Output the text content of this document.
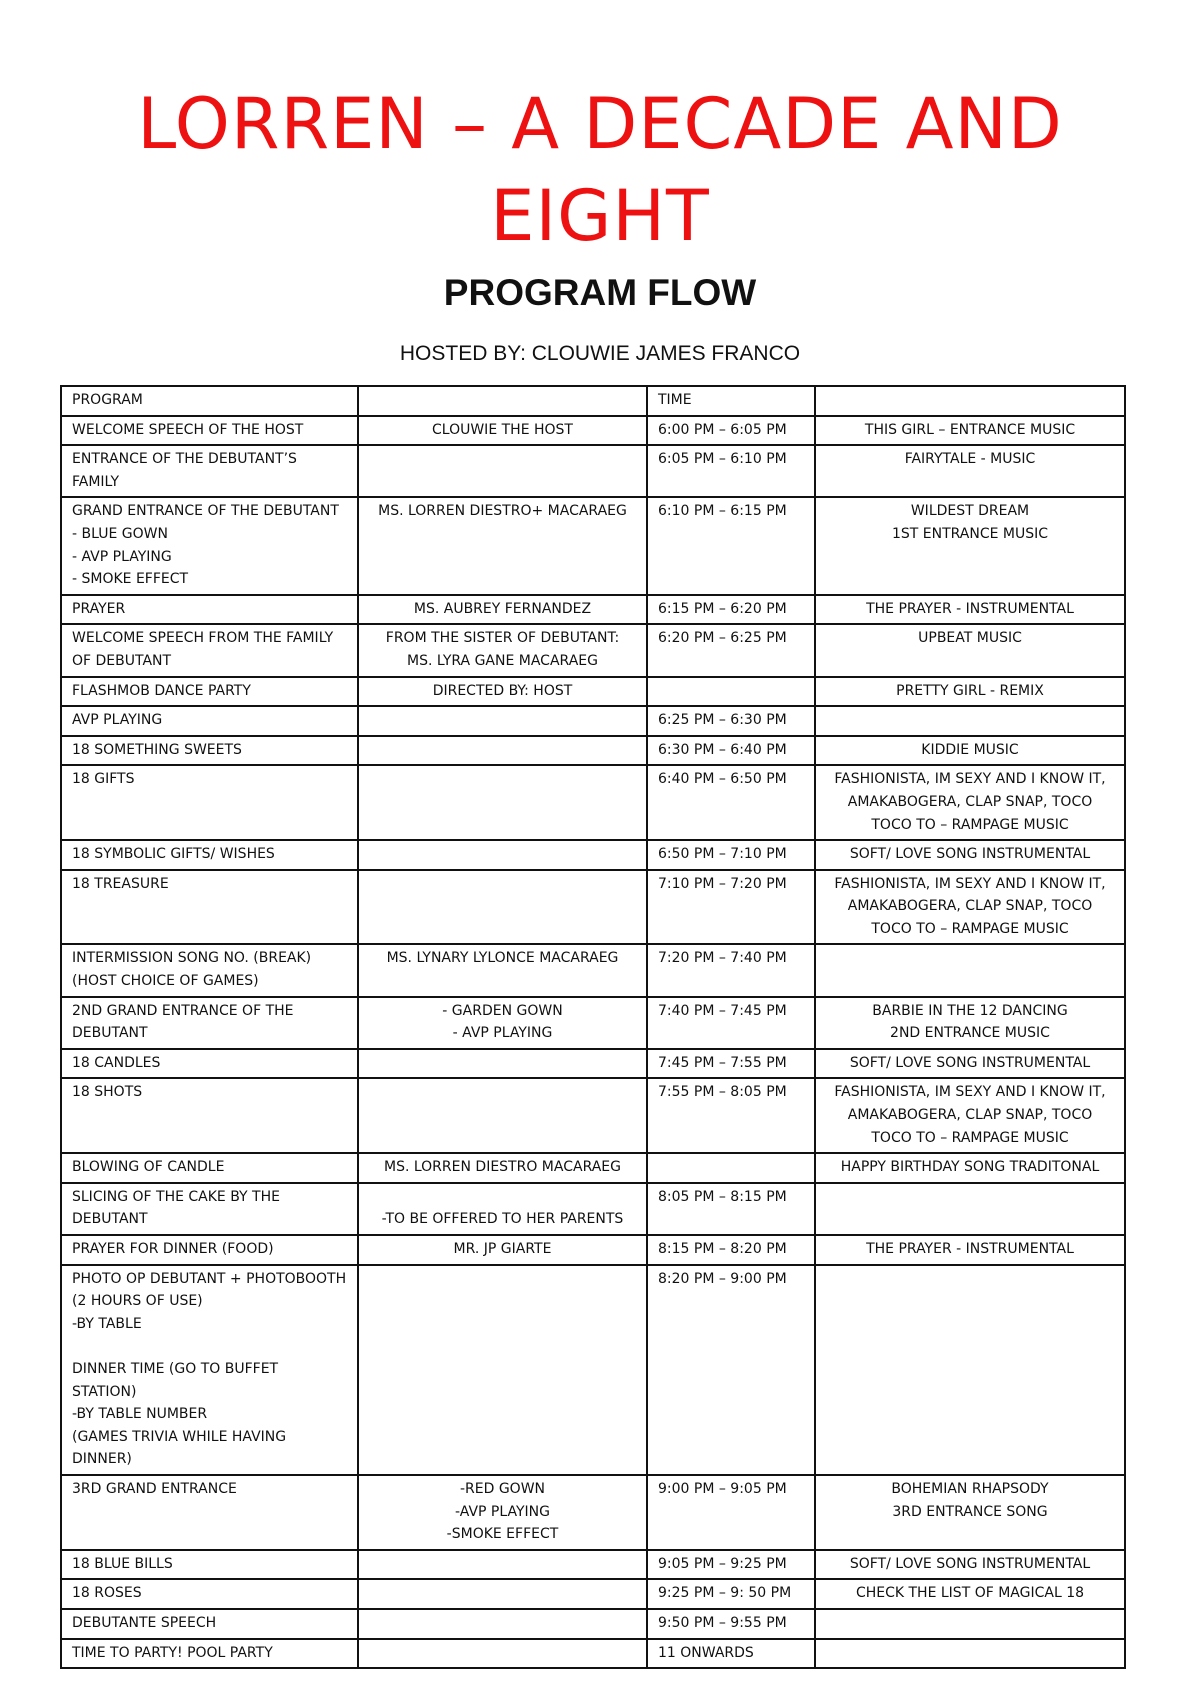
LORREN – A DECADE AND EIGHT
PROGRAM FLOW
HOSTED BY: CLOUWIE JAMES FRANCO
PROGRAM		TIME	
WELCOME SPEECH OF THE HOST	CLOUWIE THE HOST	6:00 PM – 6:05 PM	THIS GIRL – ENTRANCE MUSIC
ENTRANCE OF THE DEBUTANT’S FAMILY		6:05 PM – 6:10 PM	FAIRYTALE - MUSIC
GRAND ENTRANCE OF THE DEBUTANT
- BLUE GOWN
- AVP PLAYING
- SMOKE EFFECT	MS. LORREN DIESTRO+ MACARAEG	6:10 PM – 6:15 PM	WILDEST DREAM
1ST ENTRANCE MUSIC
PRAYER	MS. AUBREY FERNANDEZ	6:15 PM – 6:20 PM	THE PRAYER - INSTRUMENTAL
WELCOME SPEECH FROM THE FAMILY OF DEBUTANT	FROM THE SISTER OF DEBUTANT:
MS. LYRA GANE MACARAEG	6:20 PM – 6:25 PM	UPBEAT MUSIC
FLASHMOB DANCE PARTY	DIRECTED BY: HOST		PRETTY GIRL - REMIX
AVP PLAYING		6:25 PM – 6:30 PM	
18 SOMETHING SWEETS		6:30 PM – 6:40 PM	KIDDIE MUSIC
18 GIFTS		6:40 PM – 6:50 PM	FASHIONISTA, IM SEXY AND I KNOW IT, AMAKABOGERA, CLAP SNAP, TOCO TOCO TO – RAMPAGE MUSIC
18 SYMBOLIC GIFTS/ WISHES		6:50 PM – 7:10 PM	SOFT/ LOVE SONG INSTRUMENTAL
18 TREASURE		7:10 PM – 7:20 PM	FASHIONISTA, IM SEXY AND I KNOW IT, AMAKABOGERA, CLAP SNAP, TOCO TOCO TO – RAMPAGE MUSIC
INTERMISSION SONG NO. (BREAK)
(HOST CHOICE OF GAMES)	MS. LYNARY LYLONCE MACARAEG	7:20 PM – 7:40 PM	
2ND GRAND ENTRANCE OF THE DEBUTANT	- GARDEN GOWN
- AVP PLAYING	7:40 PM – 7:45 PM	BARBIE IN THE 12 DANCING
2ND ENTRANCE MUSIC
18 CANDLES		7:45 PM – 7:55 PM	SOFT/ LOVE SONG INSTRUMENTAL
18 SHOTS		7:55 PM – 8:05 PM	FASHIONISTA, IM SEXY AND I KNOW IT, AMAKABOGERA, CLAP SNAP, TOCO TOCO TO – RAMPAGE MUSIC
BLOWING OF CANDLE	MS. LORREN DIESTRO MACARAEG		HAPPY BIRTHDAY SONG TRADITONAL
SLICING OF THE CAKE BY THE DEBUTANT	
-TO BE OFFERED TO HER PARENTS	8:05 PM – 8:15 PM	
PRAYER FOR DINNER (FOOD)	MR. JP GIARTE	8:15 PM – 8:20 PM	THE PRAYER - INSTRUMENTAL
PHOTO OP DEBUTANT + PHOTOBOOTH (2 HOURS OF USE)
-BY TABLE

DINNER TIME (GO TO BUFFET STATION)
-BY TABLE NUMBER
(GAMES TRIVIA WHILE HAVING DINNER)		8:20 PM – 9:00 PM	
3RD GRAND ENTRANCE	-RED GOWN
-AVP PLAYING
-SMOKE EFFECT	9:00 PM – 9:05 PM	BOHEMIAN RHAPSODY
3RD ENTRANCE SONG
18 BLUE BILLS		9:05 PM – 9:25 PM	SOFT/ LOVE SONG INSTRUMENTAL
18 ROSES		9:25 PM – 9: 50 PM	CHECK THE LIST OF MAGICAL 18
DEBUTANTE SPEECH		9:50 PM – 9:55 PM	
TIME TO PARTY! POOL PARTY		11 ONWARDS	
